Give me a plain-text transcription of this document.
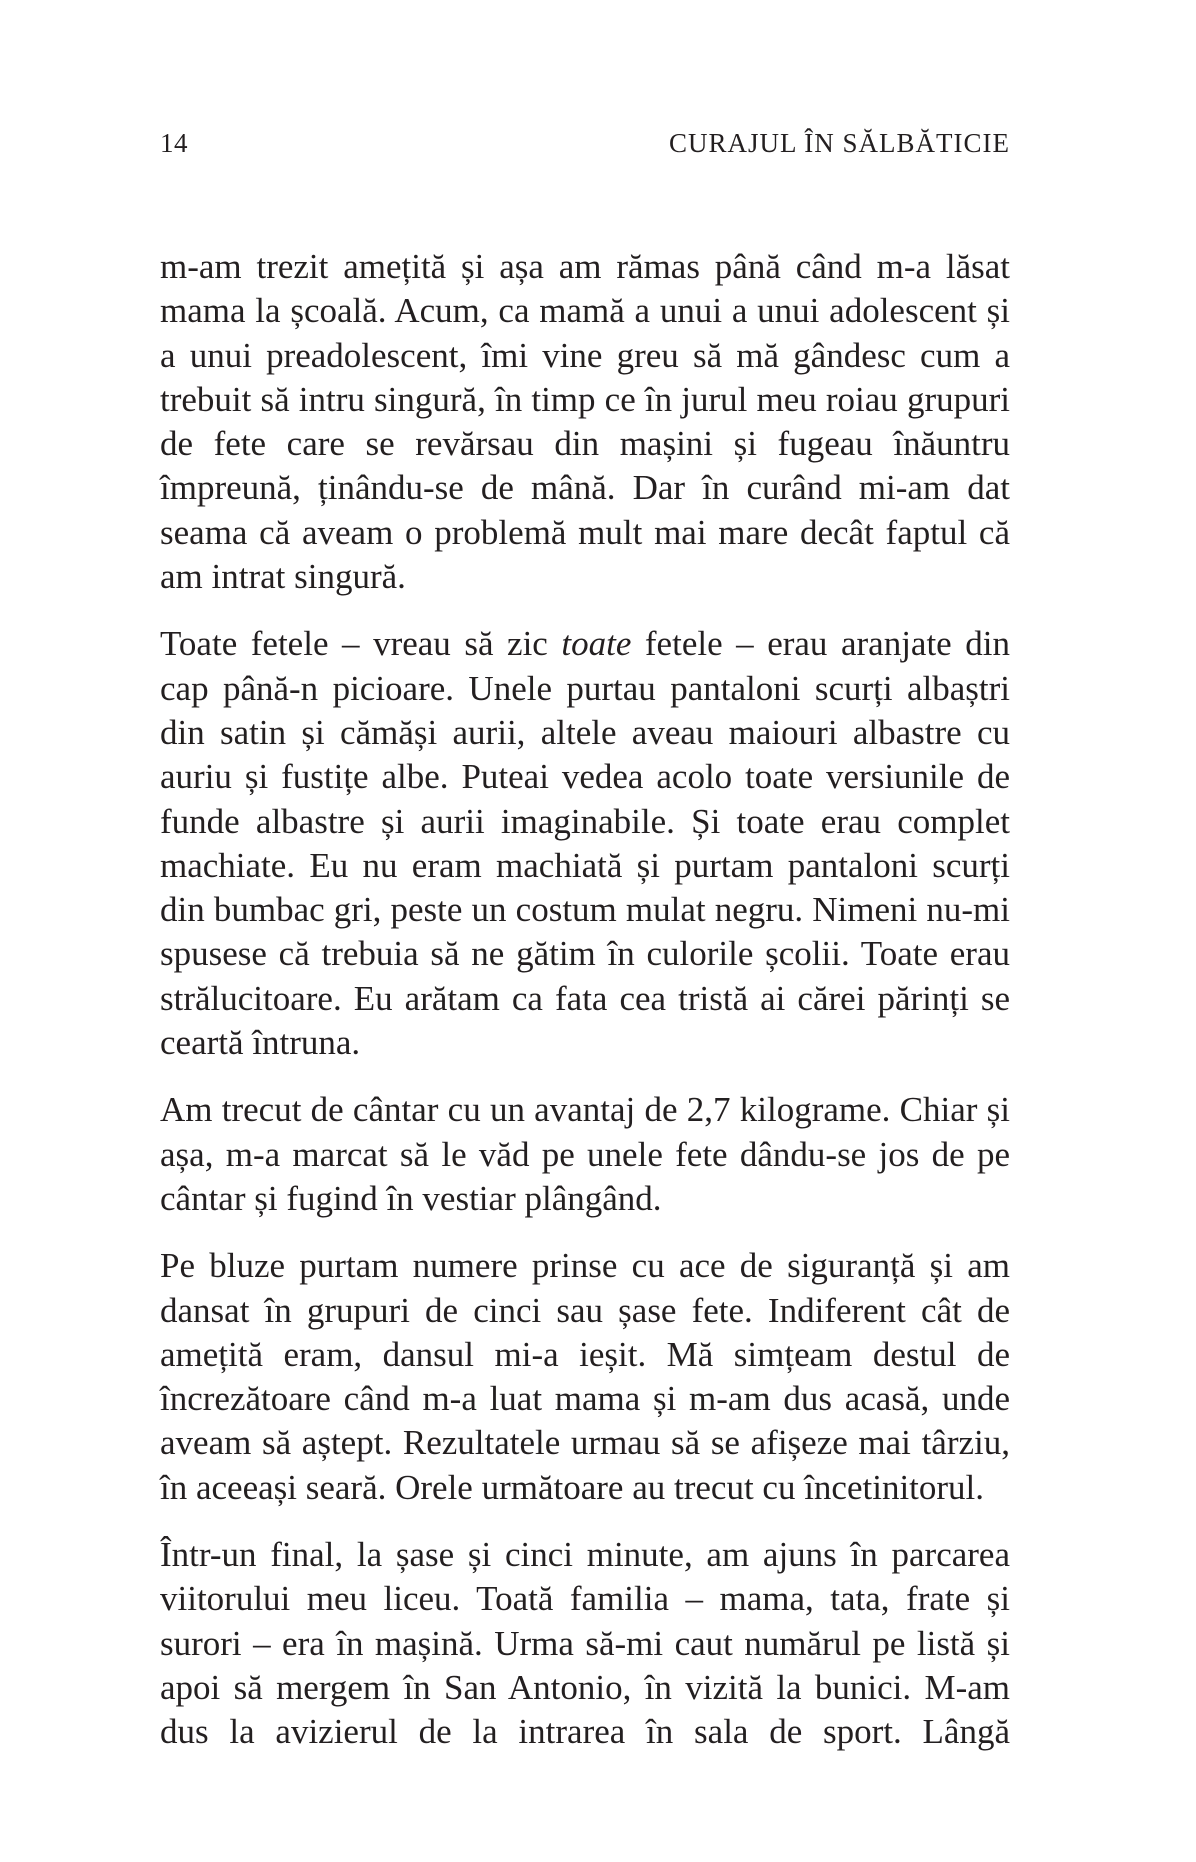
14	CURAJUL ÎN SĂLBĂTICIE

m-am trezit amețită și așa am rămas până când m-a lăsat mama la școală. Acum, ca mamă a unui a unui adolescent și a unui preadolescent, îmi vine greu să mă gândesc cum a trebuit să intru singură, în timp ce în jurul meu roiau grupuri de fete care se revărsau din mașini și fugeau înăuntru împreună, ținându-se de mână. Dar în curând mi-am dat seama că aveam o problemă mult mai mare decât faptul că am intrat singură.

Toate fetele – vreau să zic toate fetele – erau aranjate din cap până-n picioare. Unele purtau pantaloni scurți albaștri din satin și cămăși aurii, altele aveau maiouri albastre cu auriu și fustițe albe. Puteai vedea acolo toate versiunile de funde albastre și aurii imaginabile. Și toate erau complet machiate. Eu nu eram machiată și purtam pantaloni scurți din bumbac gri, peste un costum mulat negru. Nimeni nu-mi spusese că trebuia să ne gătim în culorile școlii. Toate erau strălucitoare. Eu arătam ca fata cea tristă ai cărei părinți se ceartă întruna.

Am trecut de cântar cu un avantaj de 2,7 kilograme. Chiar și așa, m-a marcat să le văd pe unele fete dându-se jos de pe cântar și fugind în vestiar plângând.

Pe bluze purtam numere prinse cu ace de siguranță și am dansat în grupuri de cinci sau șase fete. Indiferent cât de amețită eram, dansul mi-a ieșit. Mă simțeam destul de încrezătoare când m-a luat mama și m-am dus acasă, unde aveam să aștept. Rezultatele urmau să se afișeze mai târziu, în aceeași seară. Orele următoare au trecut cu încetinitorul.

Într-un final, la șase și cinci minute, am ajuns în parcarea viitorului meu liceu. Toată familia – mama, tata, frate și surori – era în mașină. Urma să-mi caut numărul pe listă și apoi să mergem în San Antonio, în vizită la bunici. M-am dus la avizierul de la intrarea în sala de sport. Lângă
